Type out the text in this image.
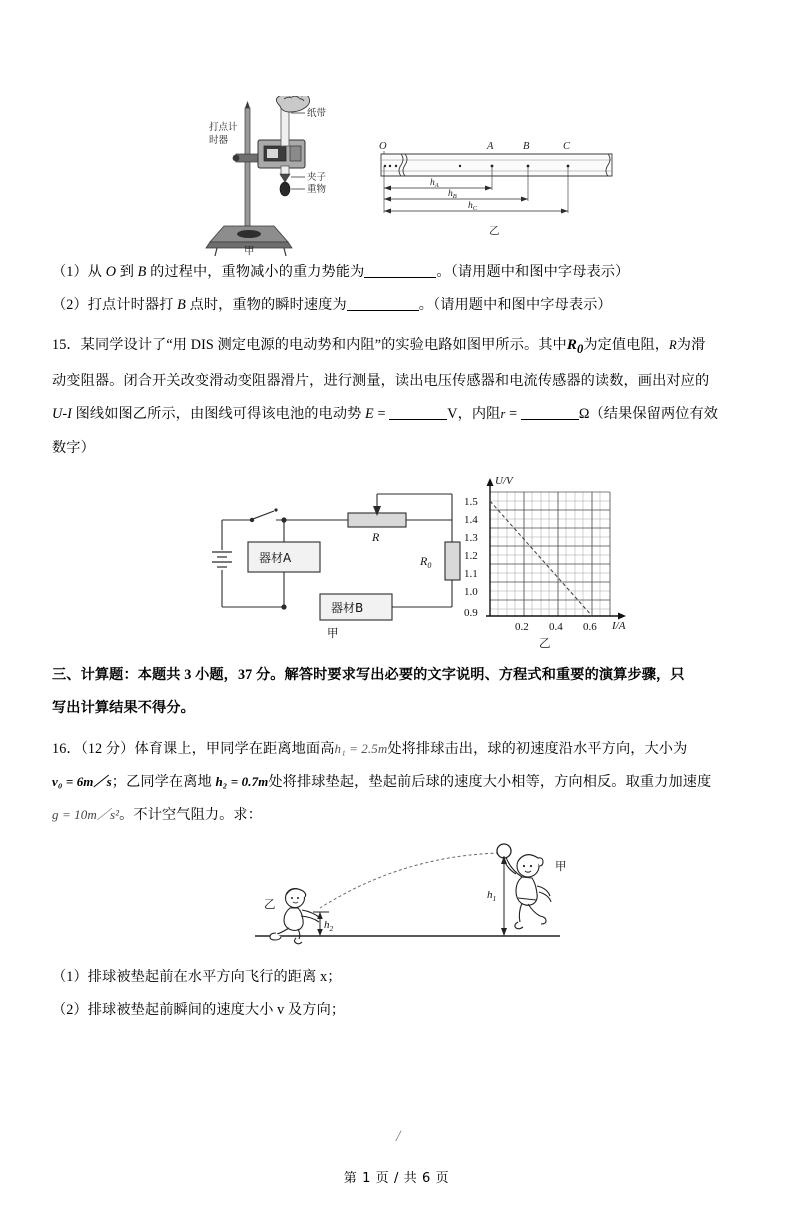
打点计
时器
纸带
夹子
重物
甲
O	A	B	C
$h_A$
$h_B$
$h_C$
乙

（1）从 O 到 B 的过程中，重物减小的重力势能为	。（请用题中和图中字母表示）

（2）打点计时器打 B 点时，重物的瞬时速度为	。（请用题中和图中字母表示）

15．某同学设计了“用 DIS 测定电源的电动势和内阻”的实验电路如图甲所示。其中$R_0$为定值电阻，R为滑

动变阻器。闭合开关改变滑动变阻器滑片，进行测量，读出电压传感器和电流传感器的读数，画出对应的

U-I 图线如图乙所示，由图线可得该电池的电动势 E =	V，内阻r =	Ω（结果保留两位有效

数字）

器材A
器材B
R
$R_0$
甲
U/V
I/A
1.5
1.4
1.3
1.2
1.1
1.0
0.9
0.2 0.4 0.6
乙

三、计算题：本题共 3 小题，37 分。解答时要求写出必要的文字说明、方程式和重要的演算步骤，只

写出计算结果不得分。

16．（12 分）体育课上，甲同学在距离地面高h₁ = 2.5m处将排球击出，球的初速度沿水平方向，大小为

v₀ = 6m／s；乙同学在离地 h₂ = 0.7m处将排球垫起，垫起前后球的速度大小相等，方向相反。取重力加速度

g = 10m／s²。不计空气阻力。求：

甲
乙
$h_1$
$h_2$

（1）排球被垫起前在水平方向飞行的距离 x；

（2）排球被垫起前瞬间的速度大小 v 及方向；

/
第 1 页 / 共 6 页
